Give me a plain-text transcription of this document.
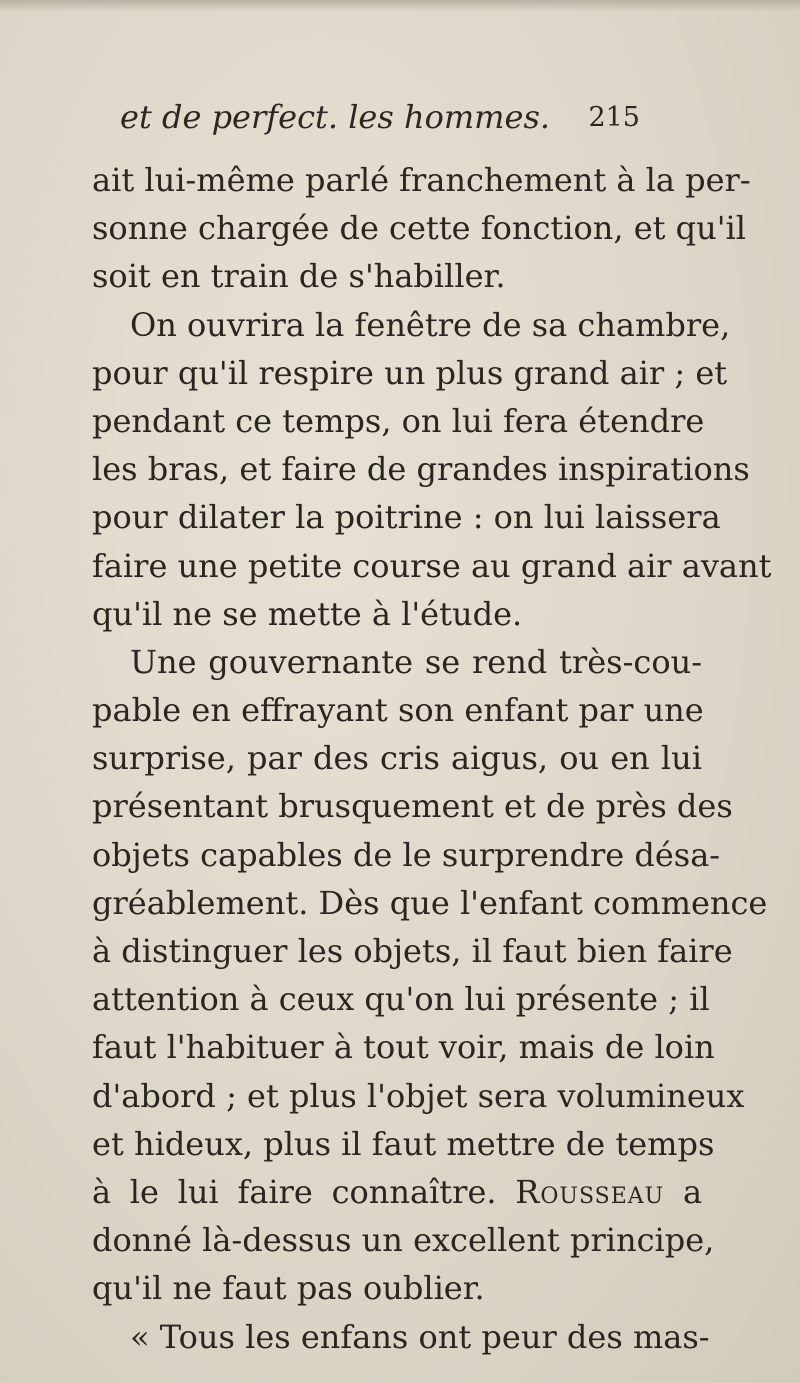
et de perfect. les hommes. 215
ait lui-même parlé franchement à la per-
sonne chargée de cette fonction, et qu'il
soit en train de s'habiller.
On ouvrira la fenêtre de sa chambre,
pour qu'il respire un plus grand air ; et
pendant ce temps, on lui fera étendre
les bras, et faire de grandes inspirations
pour dilater la poitrine : on lui laissera
faire une petite course au grand air avant
qu'il ne se mette à l'étude.
Une gouvernante se rend très-cou-
pable en effrayant son enfant par une
surprise, par des cris aigus, ou en lui
présentant brusquement et de près des
objets capables de le surprendre désa-
gréablement. Dès que l'enfant commence
à distinguer les objets, il faut bien faire
attention à ceux qu'on lui présente ; il
faut l'habituer à tout voir, mais de loin
d'abord ; et plus l'objet sera volumineux
et hideux, plus il faut mettre de temps
à le lui faire connaître. Rousseau a
donné là-dessus un excellent principe,
qu'il ne faut pas oublier.
« Tous les enfans ont peur des mas-
